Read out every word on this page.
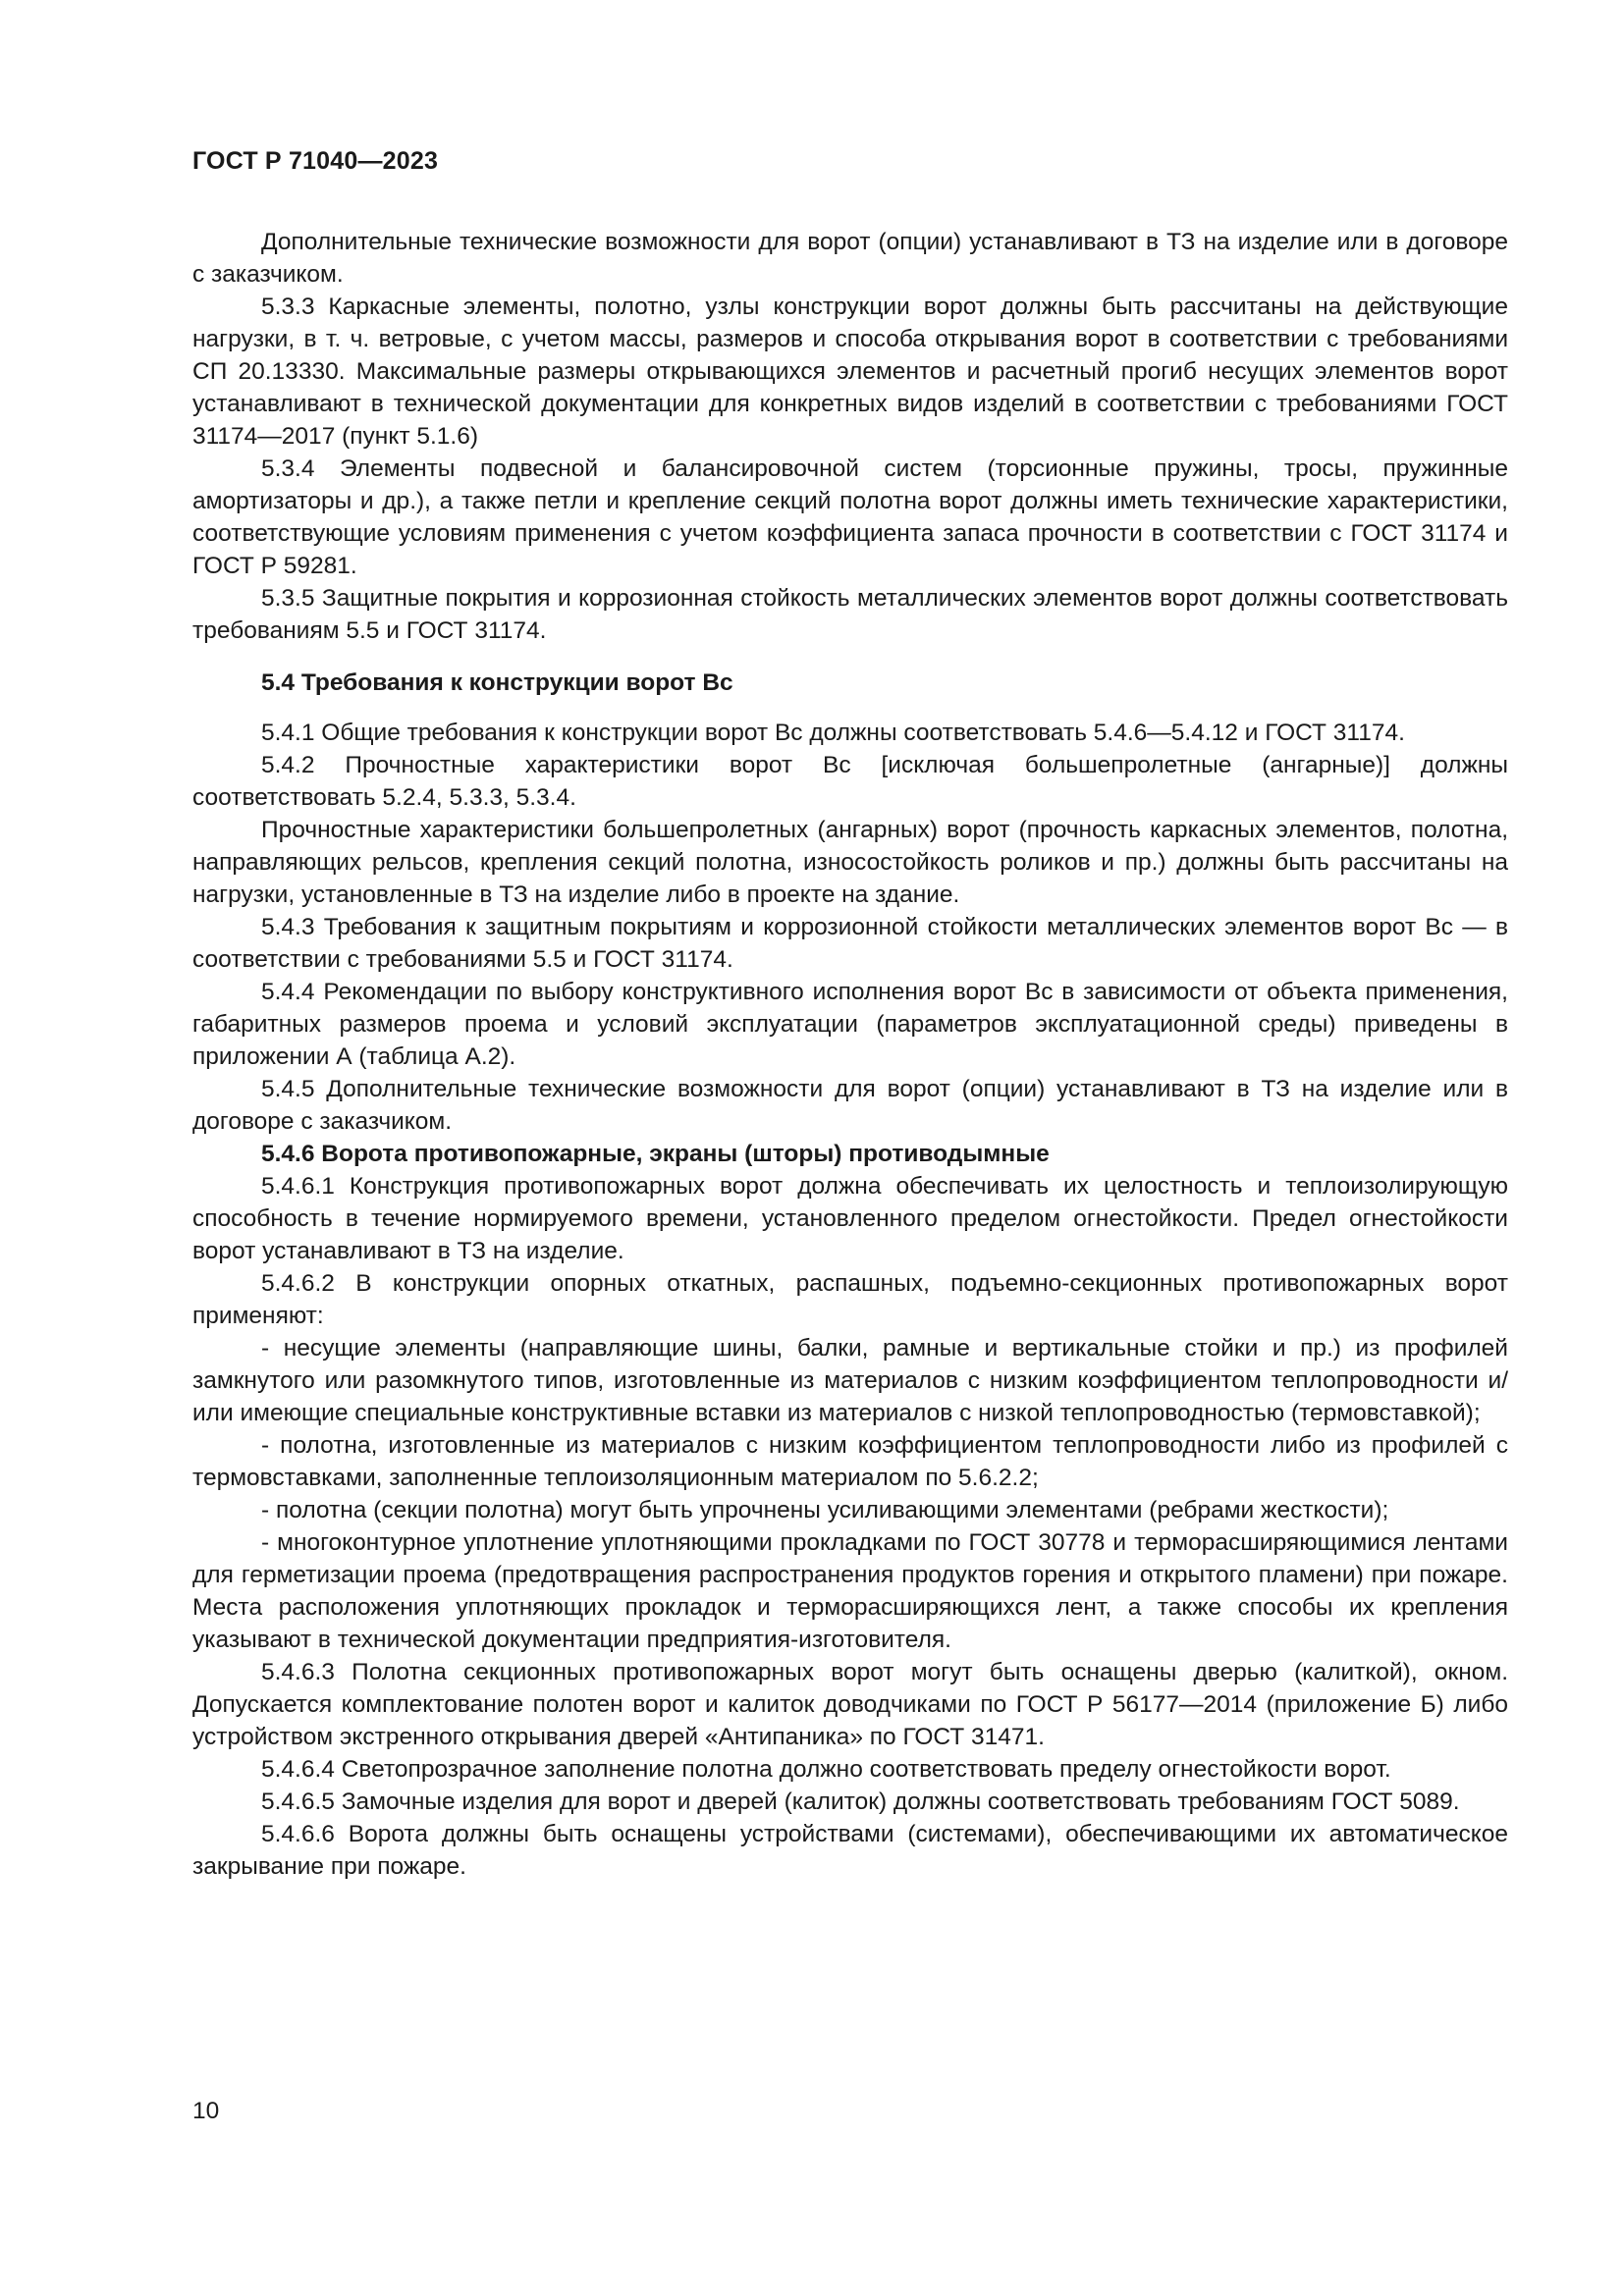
ГОСТ Р 71040—2023

Дополнительные технические возможности для ворот (опции) устанавливают в ТЗ на изделие или в договоре с заказчиком.

5.3.3 Каркасные элементы, полотно, узлы конструкции ворот должны быть рассчитаны на действующие нагрузки, в т. ч. ветровые, с учетом массы, размеров и способа открывания ворот в соответствии с требованиями СП 20.13330. Максимальные размеры открывающихся элементов и расчетный прогиб несущих элементов ворот устанавливают в технической документации для конкретных видов изделий в соответствии с требованиями ГОСТ 31174—2017 (пункт 5.1.6)

5.3.4 Элементы подвесной и балансировочной систем (торсионные пружины, тросы, пружинные амортизаторы и др.), а также петли и крепление секций полотна ворот должны иметь технические характеристики, соответствующие условиям применения с учетом коэффициента запаса прочности в соответствии с ГОСТ 31174 и ГОСТ Р 59281.

5.3.5 Защитные покрытия и коррозионная стойкость металлических элементов ворот должны соответствовать требованиям 5.5 и ГОСТ 31174.

5.4 Требования к конструкции ворот Вс

5.4.1 Общие требования к конструкции ворот Вс должны соответствовать 5.4.6—5.4.12 и ГОСТ 31174.

5.4.2 Прочностные характеристики ворот Вс [исключая большепролетные (ангарные)] должны соответствовать 5.2.4, 5.3.3, 5.3.4.

Прочностные характеристики большепролетных (ангарных) ворот (прочность каркасных элементов, полотна, направляющих рельсов, крепления секций полотна, износостойкость роликов и пр.) должны быть рассчитаны на нагрузки, установленные в ТЗ на изделие либо в проекте на здание.

5.4.3 Требования к защитным покрытиям и коррозионной стойкости металлических элементов ворот Вс — в соответствии с требованиями 5.5 и ГОСТ 31174.

5.4.4 Рекомендации по выбору конструктивного исполнения ворот Вс в зависимости от объекта применения, габаритных размеров проема и условий эксплуатации (параметров эксплуатационной среды) приведены в приложении А (таблица А.2).

5.4.5 Дополнительные технические возможности для ворот (опции) устанавливают в ТЗ на изделие или в договоре с заказчиком.

5.4.6 Ворота противопожарные, экраны (шторы) противодымные

5.4.6.1 Конструкция противопожарных ворот должна обеспечивать их целостность и теплоизолирующую способность в течение нормируемого времени, установленного пределом огнестойкости. Предел огнестойкости ворот устанавливают в ТЗ на изделие.

5.4.6.2 В конструкции опорных откатных, распашных, подъемно-секционных противопожарных ворот применяют:

- несущие элементы (направляющие шины, балки, рамные и вертикальные стойки и пр.) из профилей замкнутого или разомкнутого типов, изготовленные из материалов с низким коэффициентом теплопроводности и/или имеющие специальные конструктивные вставки из материалов с низкой теплопроводностью (термовставкой);

- полотна, изготовленные из материалов с низким коэффициентом теплопроводности либо из профилей с термовставками, заполненные теплоизоляционным материалом по 5.6.2.2;

- полотна (секции полотна) могут быть упрочнены усиливающими элементами (ребрами жесткости);

- многоконтурное уплотнение уплотняющими прокладками по ГОСТ 30778 и терморасширяющимися лентами для герметизации проема (предотвращения распространения продуктов горения и открытого пламени) при пожаре. Места расположения уплотняющих прокладок и терморасширяющихся лент, а также способы их крепления указывают в технической документации предприятия-изготовителя.

5.4.6.3 Полотна секционных противопожарных ворот могут быть оснащены дверью (калиткой), окном. Допускается комплектование полотен ворот и калиток доводчиками по ГОСТ Р 56177—2014 (приложение Б) либо устройством экстренного открывания дверей «Антипаника» по ГОСТ 31471.

5.4.6.4 Светопрозрачное заполнение полотна должно соответствовать пределу огнестойкости ворот.

5.4.6.5 Замочные изделия для ворот и дверей (калиток) должны соответствовать требованиям ГОСТ 5089.

5.4.6.6 Ворота должны быть оснащены устройствами (системами), обеспечивающими их автоматическое закрывание при пожаре.

10
